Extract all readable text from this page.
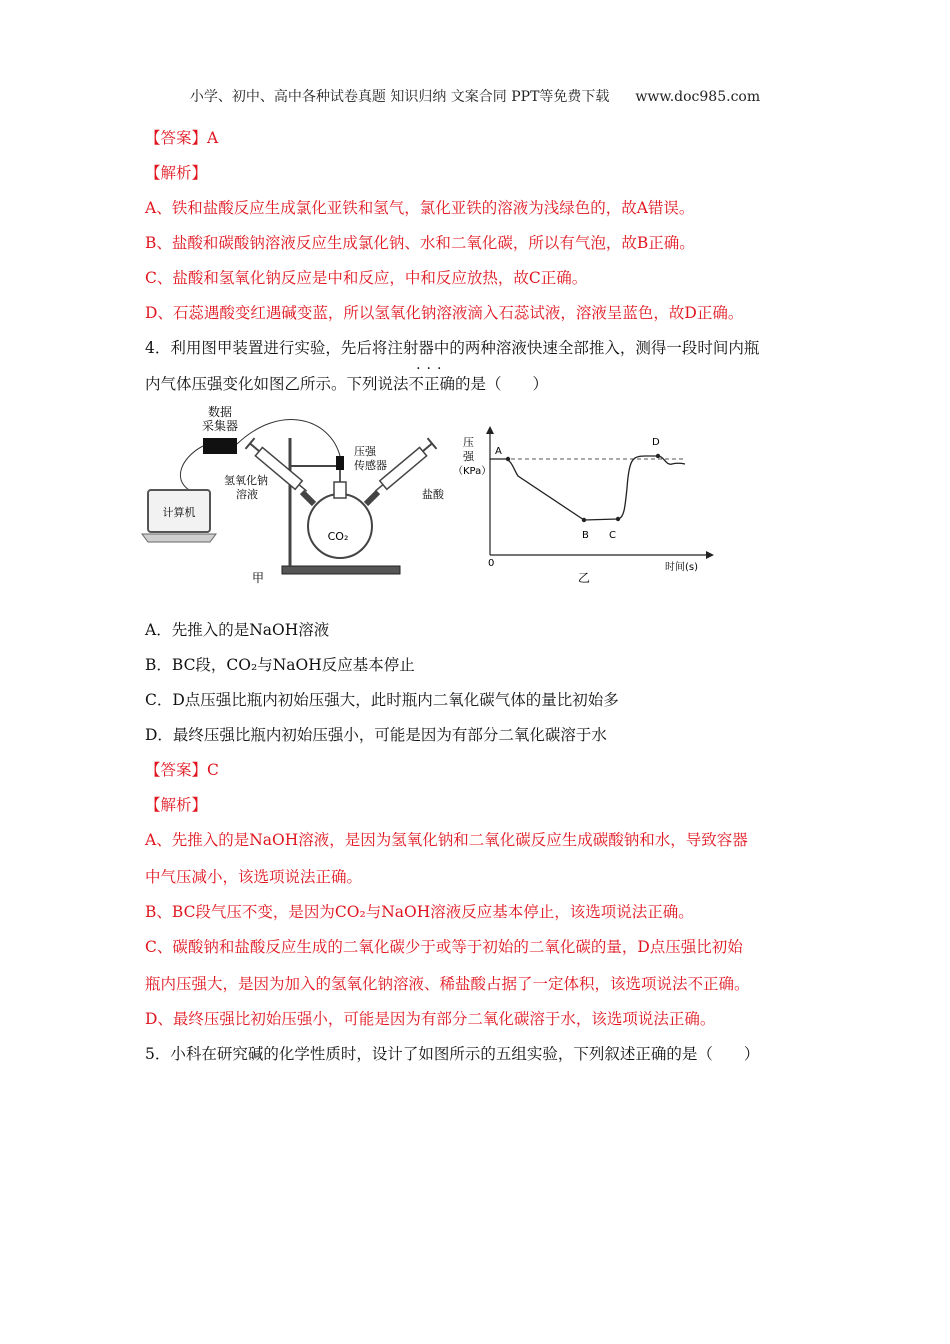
小学、初中、高中各种试卷真题 知识归纳 文案合同 PPT等免费下载 www.doc985.com
【答案】A
【解析】
A、铁和盐酸反应生成氯化亚铁和氢气，氯化亚铁的溶液为浅绿色的，故A错误。
B、盐酸和碳酸钠溶液反应生成氯化钠、水和二氧化碳，所以有气泡，故B正确。
C、盐酸和氢氧化钠反应是中和反应，中和反应放热，故C正确。
D、石蕊遇酸变红遇碱变蓝，所以氢氧化钠溶液滴入石蕊试液，溶液呈蓝色，故D正确。
4．利用图甲装置进行实验，先后将注射器中的两种溶液快速全部推入，测得一段时间内瓶
内气体压强变化如图乙所示。下列说法
···
不正确的是（　　）
数据
采集器
计算机
压强
传感器
CO₂
氢氧化钠
溶液	盐酸
甲
压
强
（KPa）
0	时间(s)
A
B C
D
乙
A．先推入的是NaOH溶液
B．BC段，CO₂与NaOH反应基本停止
C．D点压强比瓶内初始压强大，此时瓶内二氧化碳气体的量比初始多
D．最终压强比瓶内初始压强小，可能是因为有部分二氧化碳溶于水
【答案】C
【解析】
A、先推入的是NaOH溶液，是因为氢氧化钠和二氧化碳反应生成碳酸钠和水，导致容器
中气压减小，该选项说法正确。
B、BC段气压不变，是因为CO₂与NaOH溶液反应基本停止，该选项说法正确。
C、碳酸钠和盐酸反应生成的二氧化碳少于或等于初始的二氧化碳的量，D点压强比初始
瓶内压强大，是因为加入的氢氧化钠溶液、稀盐酸占据了一定体积，该选项说法不正确。
D、最终压强比初始压强小，可能是因为有部分二氧化碳溶于水，该选项说法正确。
5．小科在研究碱的化学性质时，设计了如图所示的五组实验，下列叙述正确的是（　　）
